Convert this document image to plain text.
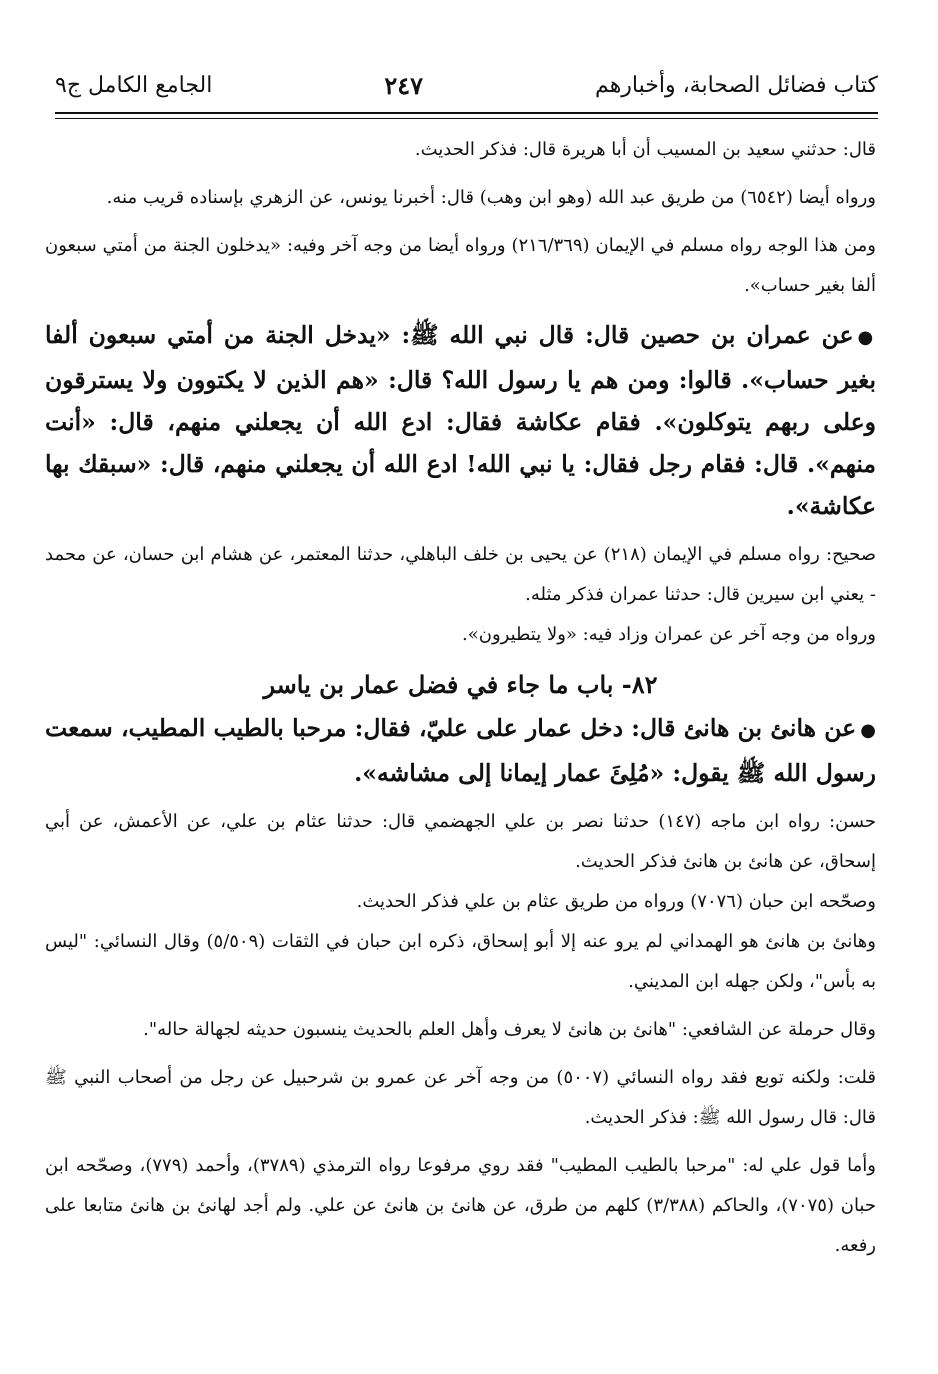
كتاب فضائل الصحابة، وأخبارهم
٢٤٧
الجامع الكامل ج٩

قال: حدثني سعيد بن المسيب أن أبا هريرة قال: فذكر الحديث.

ورواه أيضا (٦٥٤٢) من طريق عبد الله (وهو ابن وهب) قال: أخبرنا يونس، عن الزهري بإسناده قريب منه.

ومن هذا الوجه رواه مسلم في الإيمان (٢١٦/٣٦٩) ورواه أيضا من وجه آخر وفيه: «يدخلون الجنة من أمتي سبعون ألفا بغير حساب».

●عن عمران بن حصين قال: قال نبي الله ﷺ: «يدخل الجنة من أمتي سبعون ألفا بغير حساب». قالوا: ومن هم يا رسول الله؟ قال: «هم الذين لا يكتوون ولا يسترقون وعلى ربهم يتوكلون». فقام عكاشة فقال: ادع الله أن يجعلني منهم، قال: «أنت منهم». قال: فقام رجل فقال: يا نبي الله! ادع الله أن يجعلني منهم، قال: «سبقك بها عكاشة».

صحيح: رواه مسلم في الإيمان (٢١٨) عن يحيى بن خلف الباهلي، حدثنا المعتمر، عن هشام ابن حسان، عن محمد - يعني ابن سيرين قال: حدثنا عمران فذكر مثله.

ورواه من وجه آخر عن عمران وزاد فيه: «ولا يتطيرون».

٨٢- باب ما جاء في فضل عمار بن ياسر

●عن هانئ بن هانئ قال: دخل عمار على عليّ، فقال: مرحبا بالطيب المطيب، سمعت رسول الله ﷺ يقول: «مُلِئَ عمار إيمانا إلى مشاشه».

حسن: رواه ابن ماجه (١٤٧) حدثنا نصر بن علي الجهضمي قال: حدثنا عثام بن علي، عن الأعمش، عن أبي إسحاق، عن هانئ بن هانئ فذكر الحديث.

وصحّحه ابن حبان (٧٠٧٦) ورواه من طريق عثام بن علي فذكر الحديث.

وهانئ بن هانئ هو الهمداني لم يرو عنه إلا أبو إسحاق، ذكره ابن حبان في الثقات (٥/٥٠٩) وقال النسائي: "ليس به بأس"، ولكن جهله ابن المديني.

وقال حرملة عن الشافعي: "هانئ بن هانئ لا يعرف وأهل العلم بالحديث ينسبون حديثه لجهالة حاله".

قلت: ولكنه توبع فقد رواه النسائي (٥٠٠٧) من وجه آخر عن عمرو بن شرحبيل عن رجل من أصحاب النبي ﷺ قال: قال رسول الله ﷺ: فذكر الحديث.

وأما قول علي له: "مرحبا بالطيب المطيب" فقد روي مرفوعا رواه الترمذي (٣٧٨٩)، وأحمد (٧٧٩)، وصحّحه ابن حبان (٧٠٧٥)، والحاكم (٣/٣٨٨) كلهم من طرق، عن هانئ بن هانئ عن علي. ولم أجد لهانئ بن هانئ متابعا على رفعه.
